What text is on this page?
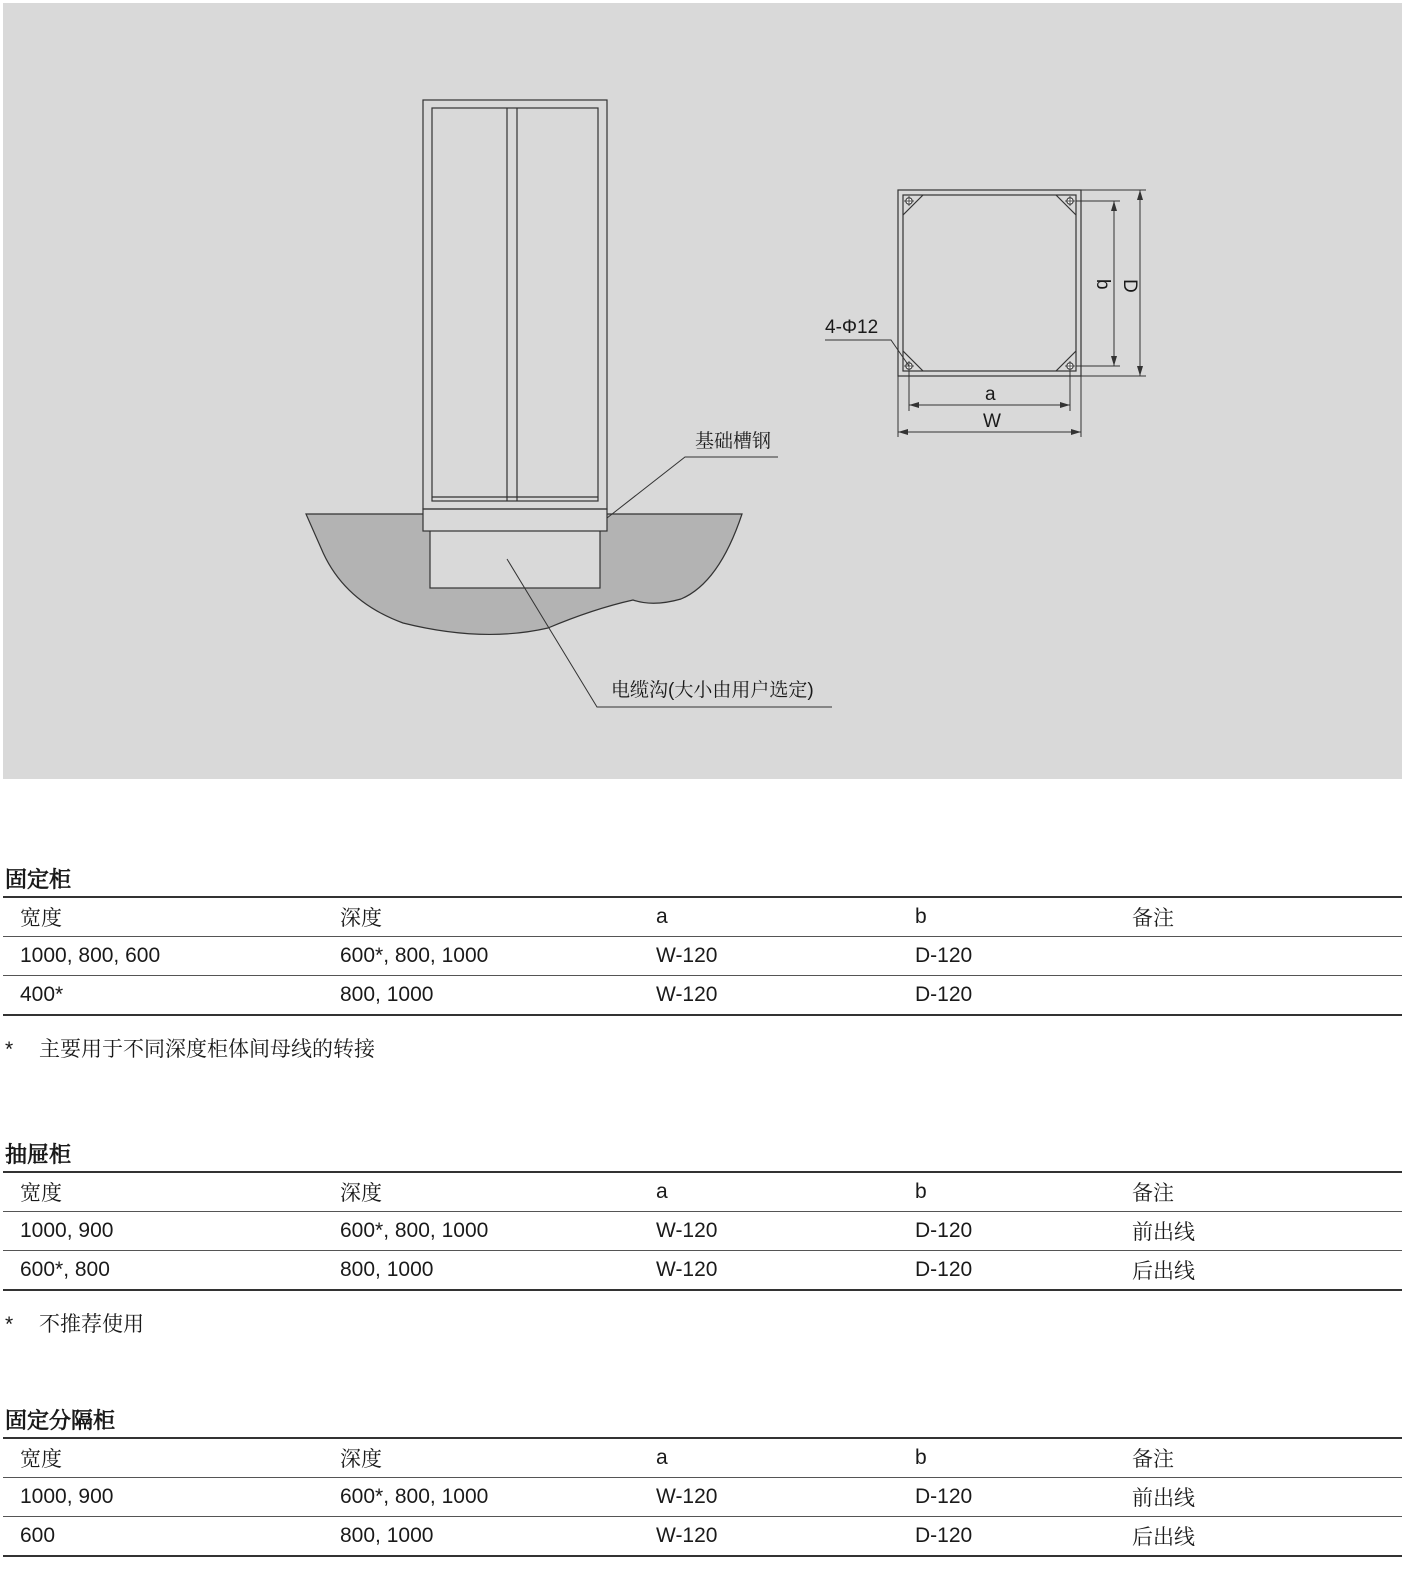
基础槽钢
电缆沟(大小由用户选定)
4-Φ12
a
W
b D
固定柜
宽度	深度	a	b	备注
1000, 800, 600	600*, 800, 1000	W-120	D-120	
400*	800, 1000	W-120	D-120	
* 主要用于不同深度柜体间母线的转接
抽屉柜
宽度	深度	a	b	备注
1000, 900	600*, 800, 1000	W-120	D-120	前出线
600*, 800	800, 1000	W-120	D-120	后出线
* 不推荐使用
固定分隔柜
宽度	深度	a	b	备注
1000, 900	600*, 800, 1000	W-120	D-120	前出线
600	800, 1000	W-120	D-120	后出线
